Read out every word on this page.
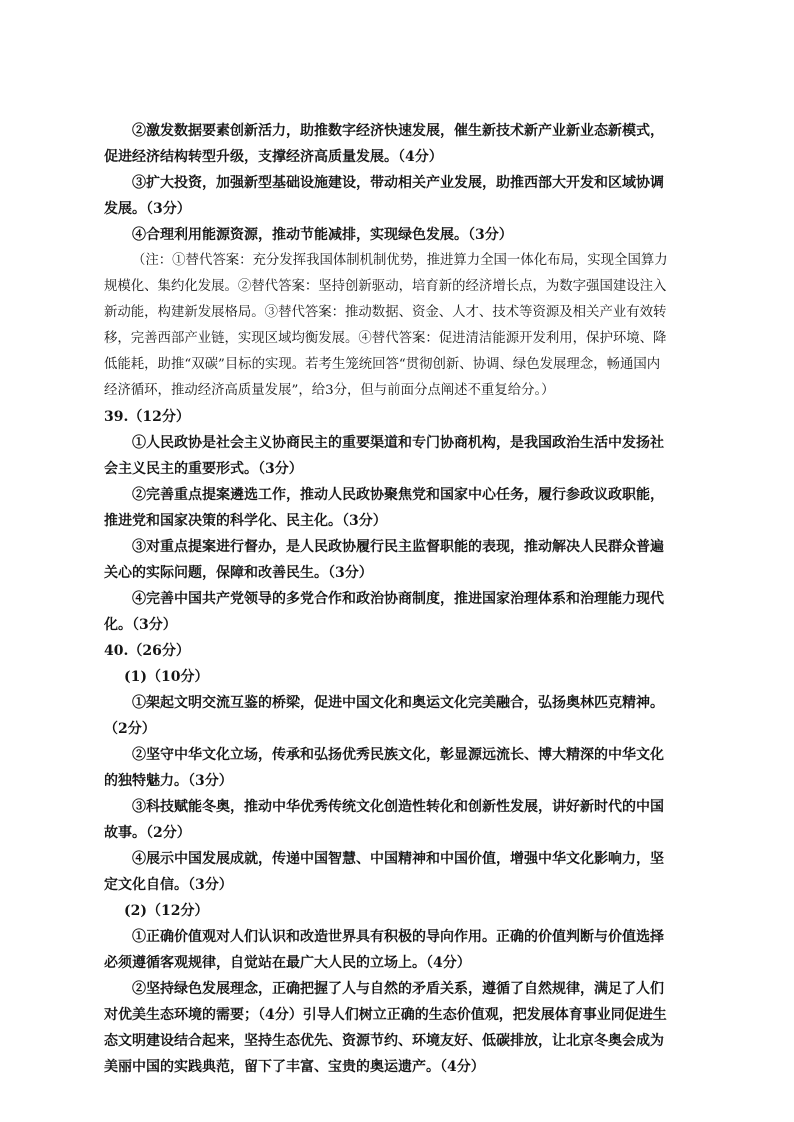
②激发数据要素创新活力，助推数字经济快速发展，催生新技术新产业新业态新模式，促进经济结构转型升级，支撑经济高质量发展。（4分）

③扩大投资，加强新型基础设施建设，带动相关产业发展，助推西部大开发和区域协调发展。（3分）

④合理利用能源资源，推动节能减排，实现绿色发展。（3分）

（注：①替代答案：充分发挥我国体制机制优势，推进算力全国一体化布局，实现全国算力规模化、集约化发展。②替代答案：坚持创新驱动，培育新的经济增长点，为数字强国建设注入新动能，构建新发展格局。③替代答案：推动数据、资金、人才、技术等资源及相关产业有效转移，完善西部产业链，实现区域均衡发展。④替代答案：促进清洁能源开发利用，保护环境、降低能耗，助推“双碳”目标的实现。若考生笼统回答“贯彻创新、协调、绿色发展理念，畅通国内经济循环，推动经济高质量发展”，给3分，但与前面分点阐述不重复给分。）

39.（12分）

①人民政协是社会主义协商民主的重要渠道和专门协商机构，是我国政治生活中发扬社会主义民主的重要形式。（3分）

②完善重点提案遴选工作，推动人民政协聚焦党和国家中心任务，履行参政议政职能，推进党和国家决策的科学化、民主化。（3分）

③对重点提案进行督办，是人民政协履行民主监督职能的表现，推动解决人民群众普遍关心的实际问题，保障和改善民生。（3分）

④完善中国共产党领导的多党合作和政治协商制度，推进国家治理体系和治理能力现代化。（3分）

40.（26分）

(1)（10分）

①架起文明交流互鉴的桥梁，促进中国文化和奥运文化完美融合，弘扬奥林匹克精神。（2分）

②坚守中华文化立场，传承和弘扬优秀民族文化，彰显源远流长、博大精深的中华文化的独特魅力。（3分）

③科技赋能冬奥，推动中华优秀传统文化创造性转化和创新性发展，讲好新时代的中国故事。（2分）

④展示中国发展成就，传递中国智慧、中国精神和中国价值，增强中华文化影响力，坚定文化自信。（3分）

(2)（12分）

①正确价值观对人们认识和改造世界具有积极的导向作用。正确的价值判断与价值选择必须遵循客观规律，自觉站在最广大人民的立场上。（4分）

②坚持绿色发展理念，正确把握了人与自然的矛盾关系，遵循了自然规律，满足了人们对优美生态环境的需要；（4分）引导人们树立正确的生态价值观，把发展体育事业同促进生态文明建设结合起来，坚持生态优先、资源节约、环境友好、低碳排放，让北京冬奥会成为美丽中国的实践典范，留下了丰富、宝贵的奥运遗产。（4分）
